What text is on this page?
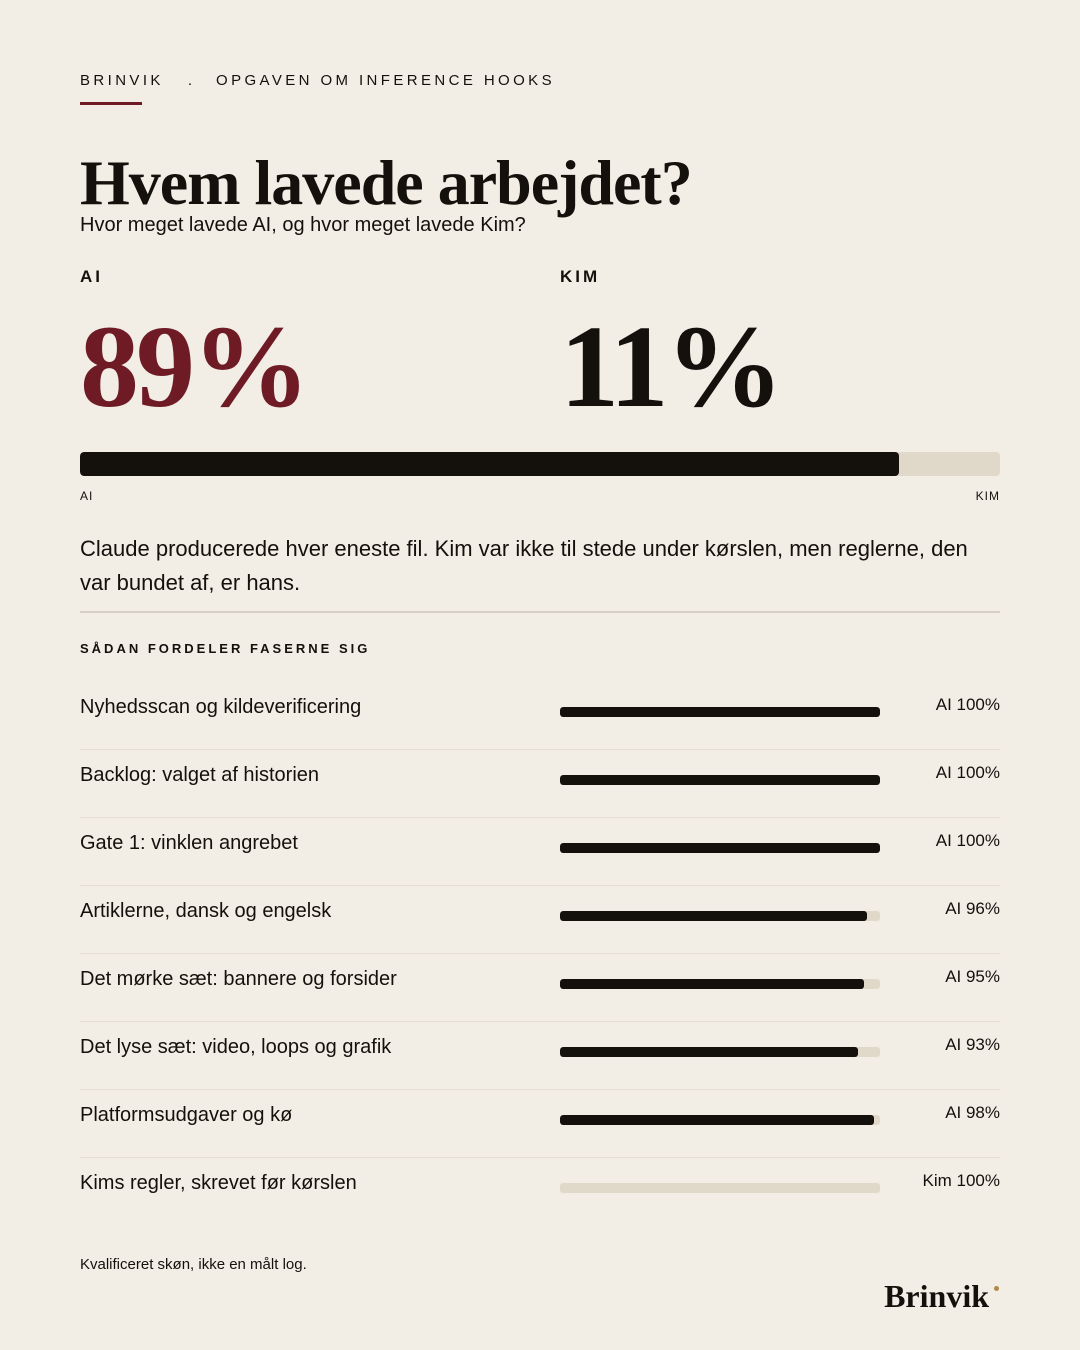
BRINVIK . OPGAVEN OM INFERENCE HOOKS
Hvem lavede arbejdet?
Hvor meget lavede AI, og hvor meget lavede Kim?
AI	KIM
89% 11%
AI	KIM

Claude producerede hver eneste fil. Kim var ikke til stede under kørslen, men reglerne, den var bundet af, er hans.

SÅDAN FORDELER FASERNE SIG
Nyhedsscan og kildeverificering	AI 100%
Backlog: valget af historien	AI 100%
Gate 1: vinklen angrebet	AI 100%
Artiklerne, dansk og engelsk	AI 96%
Det mørke sæt: bannere og forsider	AI 95%
Det lyse sæt: video, loops og grafik	AI 93%
Platformsudgaver og kø	AI 98%
Kims regler, skrevet før kørslen	Kim 100%
Kvalificeret skøn, ikke en målt log.
Brinvik
